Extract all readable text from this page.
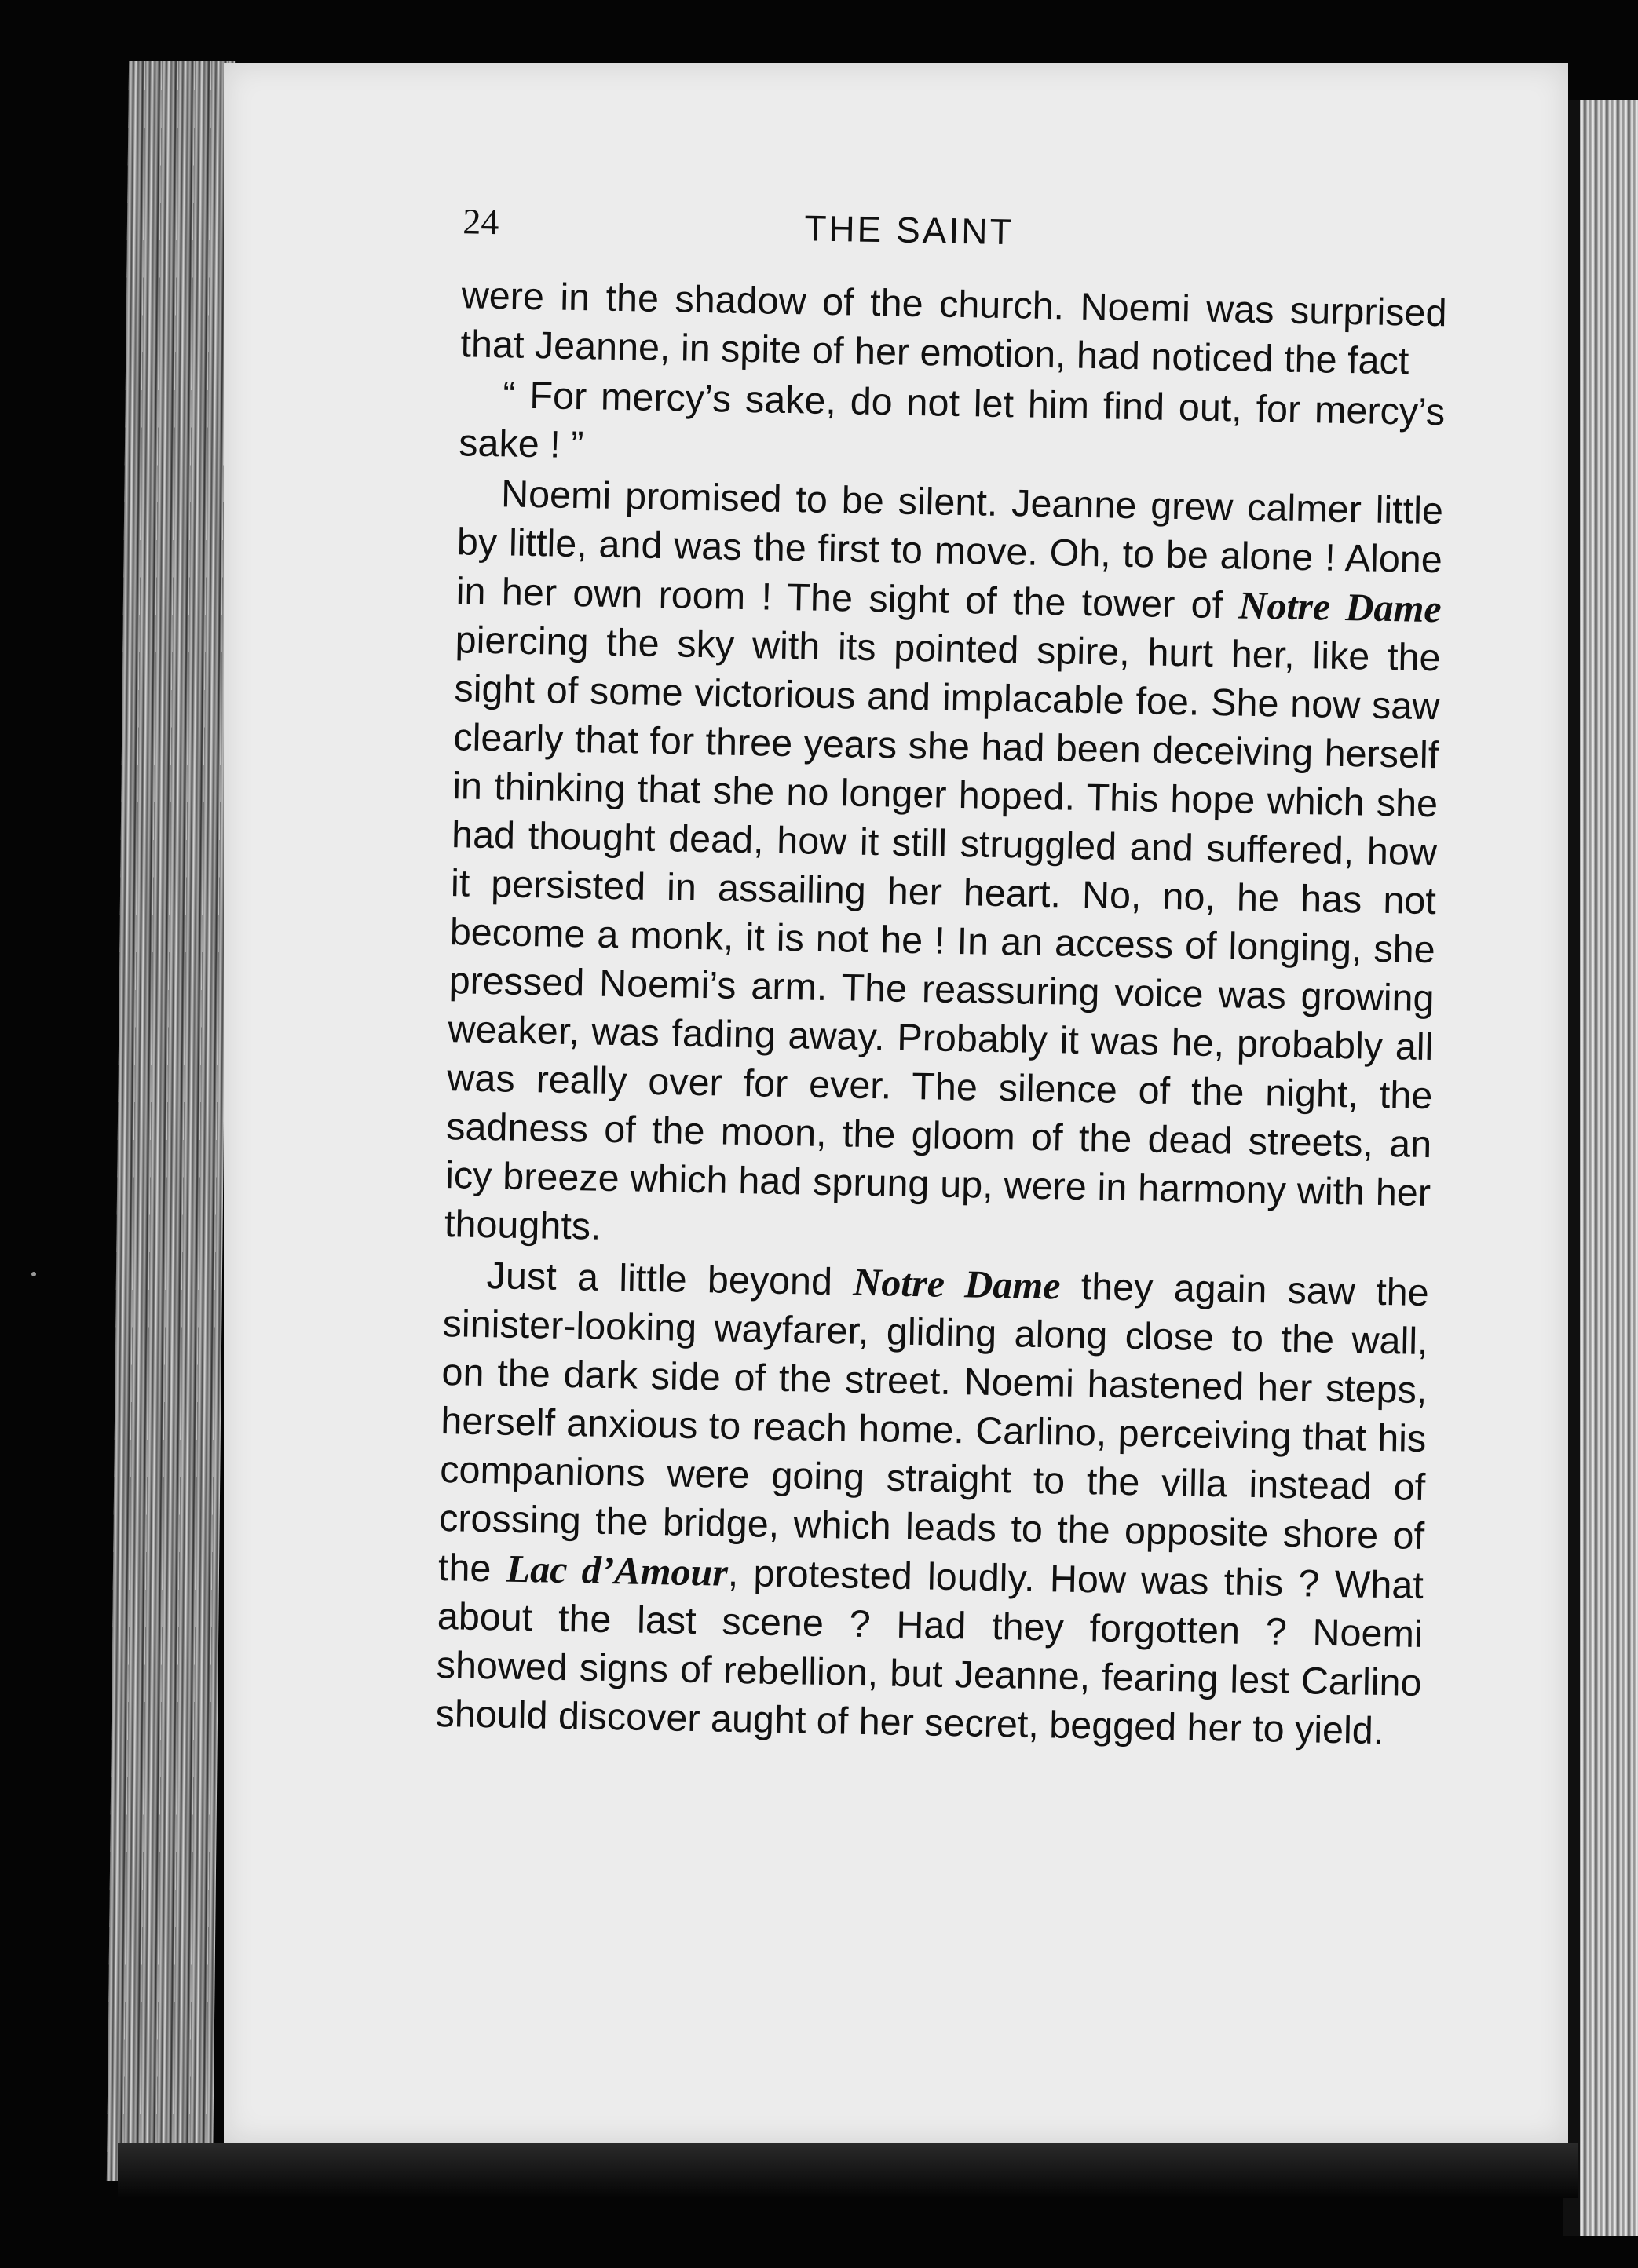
24	THE SAINT

were in the shadow of the church. Noemi was surprised that Jeanne, in spite of her emotion, had noticed the fact

“ For mercy’s sake, do not let him find out, for mercy’s sake ! ”

Noemi promised to be silent. Jeanne grew calmer little by little, and was the first to move. Oh, to be alone ! Alone in her own room ! The sight of the tower of Notre Dame piercing the sky with its pointed spire, hurt her, like the sight of some victorious and implacable foe. She now saw clearly that for three years she had been deceiving herself in thinking that she no longer hoped. This hope which she had thought dead, how it still struggled and suffered, how it persisted in assailing her heart. No, no, he has not become a monk, it is not he ! In an access of longing, she pressed Noemi’s arm. The reassuring voice was growing weaker, was fading away. Probably it was he, probably all was really over for ever. The silence of the night, the sadness of the moon, the gloom of the dead streets, an icy breeze which had sprung up, were in harmony with her thoughts.

Just a little beyond Notre Dame they again saw the sinister-looking wayfarer, gliding along close to the wall, on the dark side of the street. Noemi hastened her steps, herself anxious to reach home. Carlino, perceiving that his companions were going straight to the villa instead of crossing the bridge, which leads to the opposite shore of the Lac d’Amour, protested loudly. How was this ? What about the last scene ? Had they forgotten ? Noemi showed signs of rebellion, but Jeanne, fearing lest Carlino should discover aught of her secret, begged her to yield.
